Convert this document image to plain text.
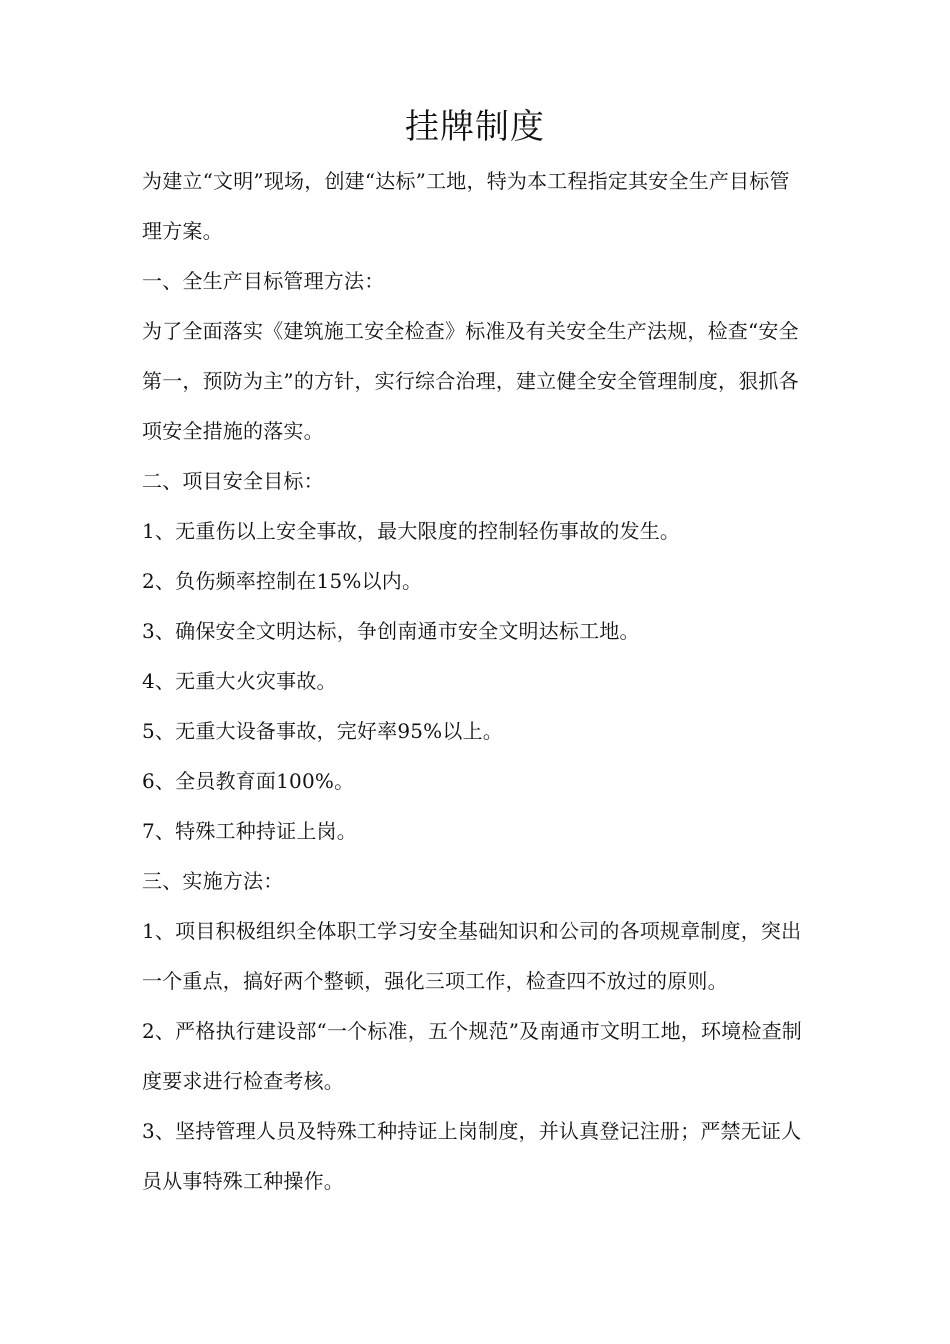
挂牌制度

为建立“文明”现场，创建“达标”工地，特为本工程指定其安全生产目标管理方案。

一、全生产目标管理方法：

为了全面落实《建筑施工安全检查》标准及有关安全生产法规，检查“安全第一，预防为主”的方针，实行综合治理，建立健全安全管理制度，狠抓各项安全措施的落实。

二、项目安全目标：

1、无重伤以上安全事故，最大限度的控制轻伤事故的发生。

2、负伤频率控制在15%以内。

3、确保安全文明达标，争创南通市安全文明达标工地。

4、无重大火灾事故。

5、无重大设备事故，完好率95%以上。

6、全员教育面100%。

7、特殊工种持证上岗。

三、实施方法：

1、项目积极组织全体职工学习安全基础知识和公司的各项规章制度，突出一个重点，搞好两个整顿，强化三项工作，检查四不放过的原则。

2、严格执行建设部“一个标准，五个规范”及南通市文明工地，环境检查制度要求进行检查考核。

3、坚持管理人员及特殊工种持证上岗制度，并认真登记注册；严禁无证人员从事特殊工种操作。
